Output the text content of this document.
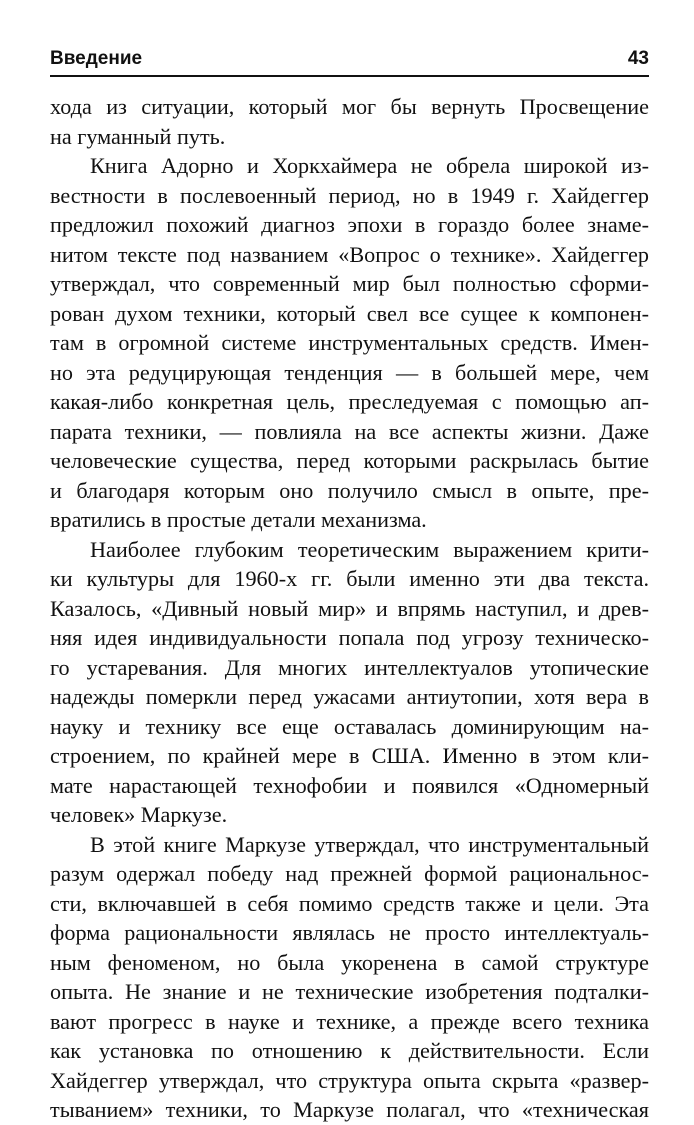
Введение	43

хода из ситуации, который мог бы вернуть Просвещение
на гуманный путь.

Книга Адорно и Хоркхаймера не обрела широкой из-
вестности в послевоенный период, но в 1949 г. Хайдеггер
предложил похожий диагноз эпохи в гораздо более знаме-
нитом тексте под названием «Вопрос о технике». Хайдеггер
утверждал, что современный мир был полностью сформи-
рован духом техники, который свел все сущее к компонен-
там в огромной системе инструментальных средств. Имен-
но эта редуцирующая тенденция — в большей мере, чем
какая-либо конкретная цель, преследуемая с помощью ап-
парата техники, — повлияла на все аспекты жизни. Даже
человеческие существа, перед которыми раскрылась бытие
и благодаря которым оно получило смысл в опыте, пре-
вратились в простые детали механизма.

Наиболее глубоким теоретическим выражением крити-
ки культуры для 1960-х гг. были именно эти два текста.
Казалось, «Дивный новый мир» и впрямь наступил, и древ-
няя идея индивидуальности попала под угрозу техническо-
го устаревания. Для многих интеллектуалов утопические
надежды померкли перед ужасами антиутопии, хотя вера в
науку и технику все еще оставалась доминирующим на-
строением, по крайней мере в США. Именно в этом кли-
мате нарастающей технофобии и появился «Одномерный
человек» Маркузе.

В этой книге Маркузе утверждал, что инструментальный
разум одержал победу над прежней формой рациональнос-
сти, включавшей в себя помимо средств также и цели. Эта
форма рациональности являлась не просто интеллектуаль-
ным феноменом, но была укоренена в самой структуре
опыта. Не знание и не технические изобретения подталки-
вают прогресс в науке и технике, а прежде всего техника
как установка по отношению к действительности. Если
Хайдеггер утверждал, что структура опыта скрыта «развер-
тыванием» техники, то Маркузе полагал, что «техническая
